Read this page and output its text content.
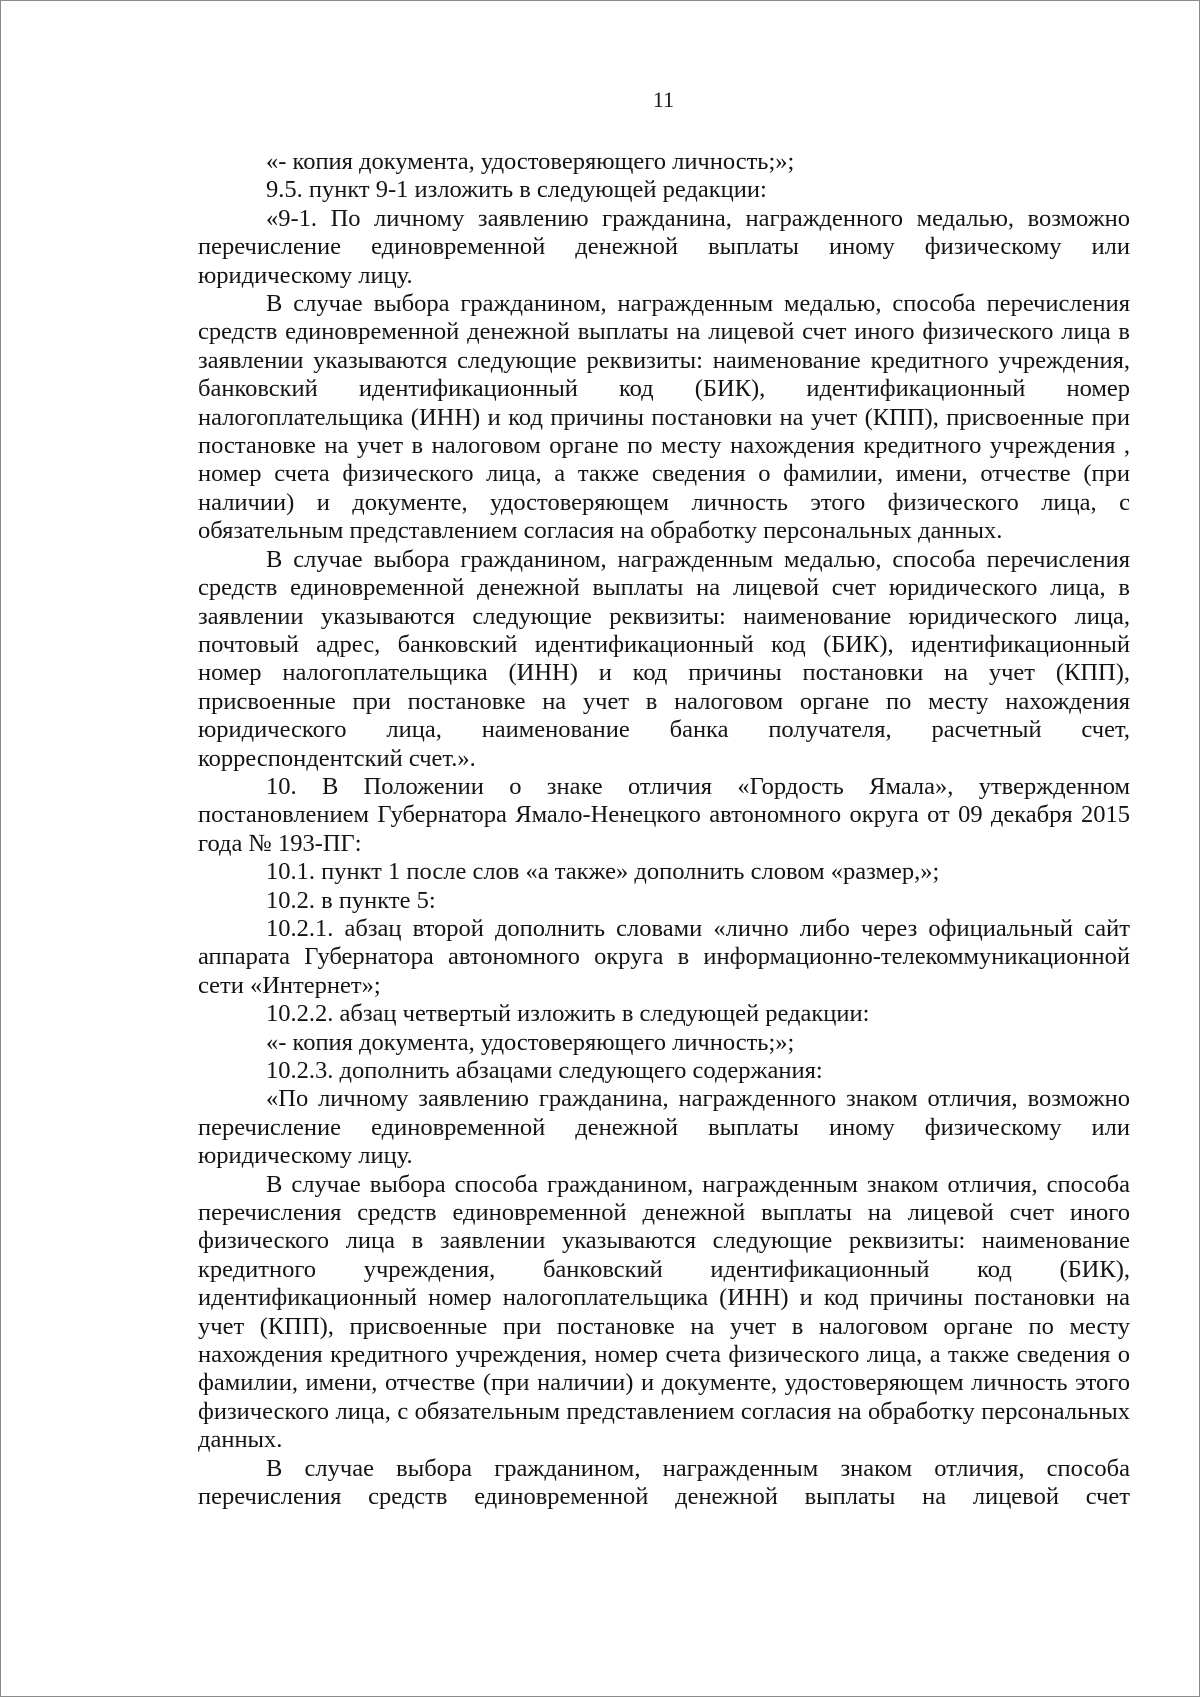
11

«- копия документа, удостоверяющего личность;»;

9.5. пункт 9-1 изложить в следующей редакции:

«9-1. По личному заявлению гражданина, награжденного медалью, возможно перечисление единовременной денежной выплаты иному физическому или юридическому лицу.

В случае выбора гражданином, награжденным медалью, способа перечисления средств единовременной денежной выплаты на лицевой счет иного физического лица в заявлении указываются следующие реквизиты: наименование кредитного учреждения, банковский идентификационный код (БИК), идентификационный номер налогоплательщика (ИНН) и код причины постановки на учет (КПП), присвоенные при постановке на учет в налоговом органе по месту нахождения кредитного учреждения , номер счета физического лица, а также сведения о фамилии, имени, отчестве (при наличии) и документе, удостоверяющем личность этого физического лица, с обязательным представлением согласия на обработку персональных данных.

В случае выбора гражданином, награжденным медалью, способа перечисления средств единовременной денежной выплаты на лицевой счет юридического лица, в заявлении указываются следующие реквизиты: наименование юридического лица, почтовый адрес, банковский идентификационный код (БИК), идентификационный номер налогоплательщика (ИНН) и код причины постановки на учет (КПП), присвоенные при постановке на учет в налоговом органе по месту нахождения юридического лица, наименование банка получателя, расчетный счет, корреспондентский счет.».

10. В Положении о знаке отличия «Гордость Ямала», утвержденном постановлением Губернатора Ямало-Ненецкого автономного округа от 09 декабря 2015 года № 193-ПГ:

10.1. пункт 1 после слов «а также» дополнить словом «размер,»;

10.2. в пункте 5:

10.2.1. абзац второй дополнить словами «лично либо через официальный сайт аппарата Губернатора автономного округа в информационно-телекоммуникационной сети «Интернет»;

10.2.2. абзац четвертый изложить в следующей редакции:

«- копия документа, удостоверяющего личность;»;

10.2.3. дополнить абзацами следующего содержания:

«По личному заявлению гражданина, награжденного знаком отличия, возможно перечисление единовременной денежной выплаты иному физическому или юридическому лицу.

В случае выбора способа гражданином, награжденным знаком отличия, способа перечисления средств единовременной денежной выплаты на лицевой счет иного физического лица в заявлении указываются следующие реквизиты: наименование кредитного учреждения, банковский идентификационный код (БИК), идентификационный номер налогоплательщика (ИНН) и код причины постановки на учет (КПП), присвоенные при постановке на учет в налоговом органе по месту нахождения кредитного учреждения, номер счета физического лица, а также сведения о фамилии, имени, отчестве (при наличии) и документе, удостоверяющем личность этого физического лица, с обязательным представлением согласия на обработку персональных данных.

В случае выбора гражданином, награжденным знаком отличия, способа перечисления средств единовременной денежной выплаты на лицевой счет
